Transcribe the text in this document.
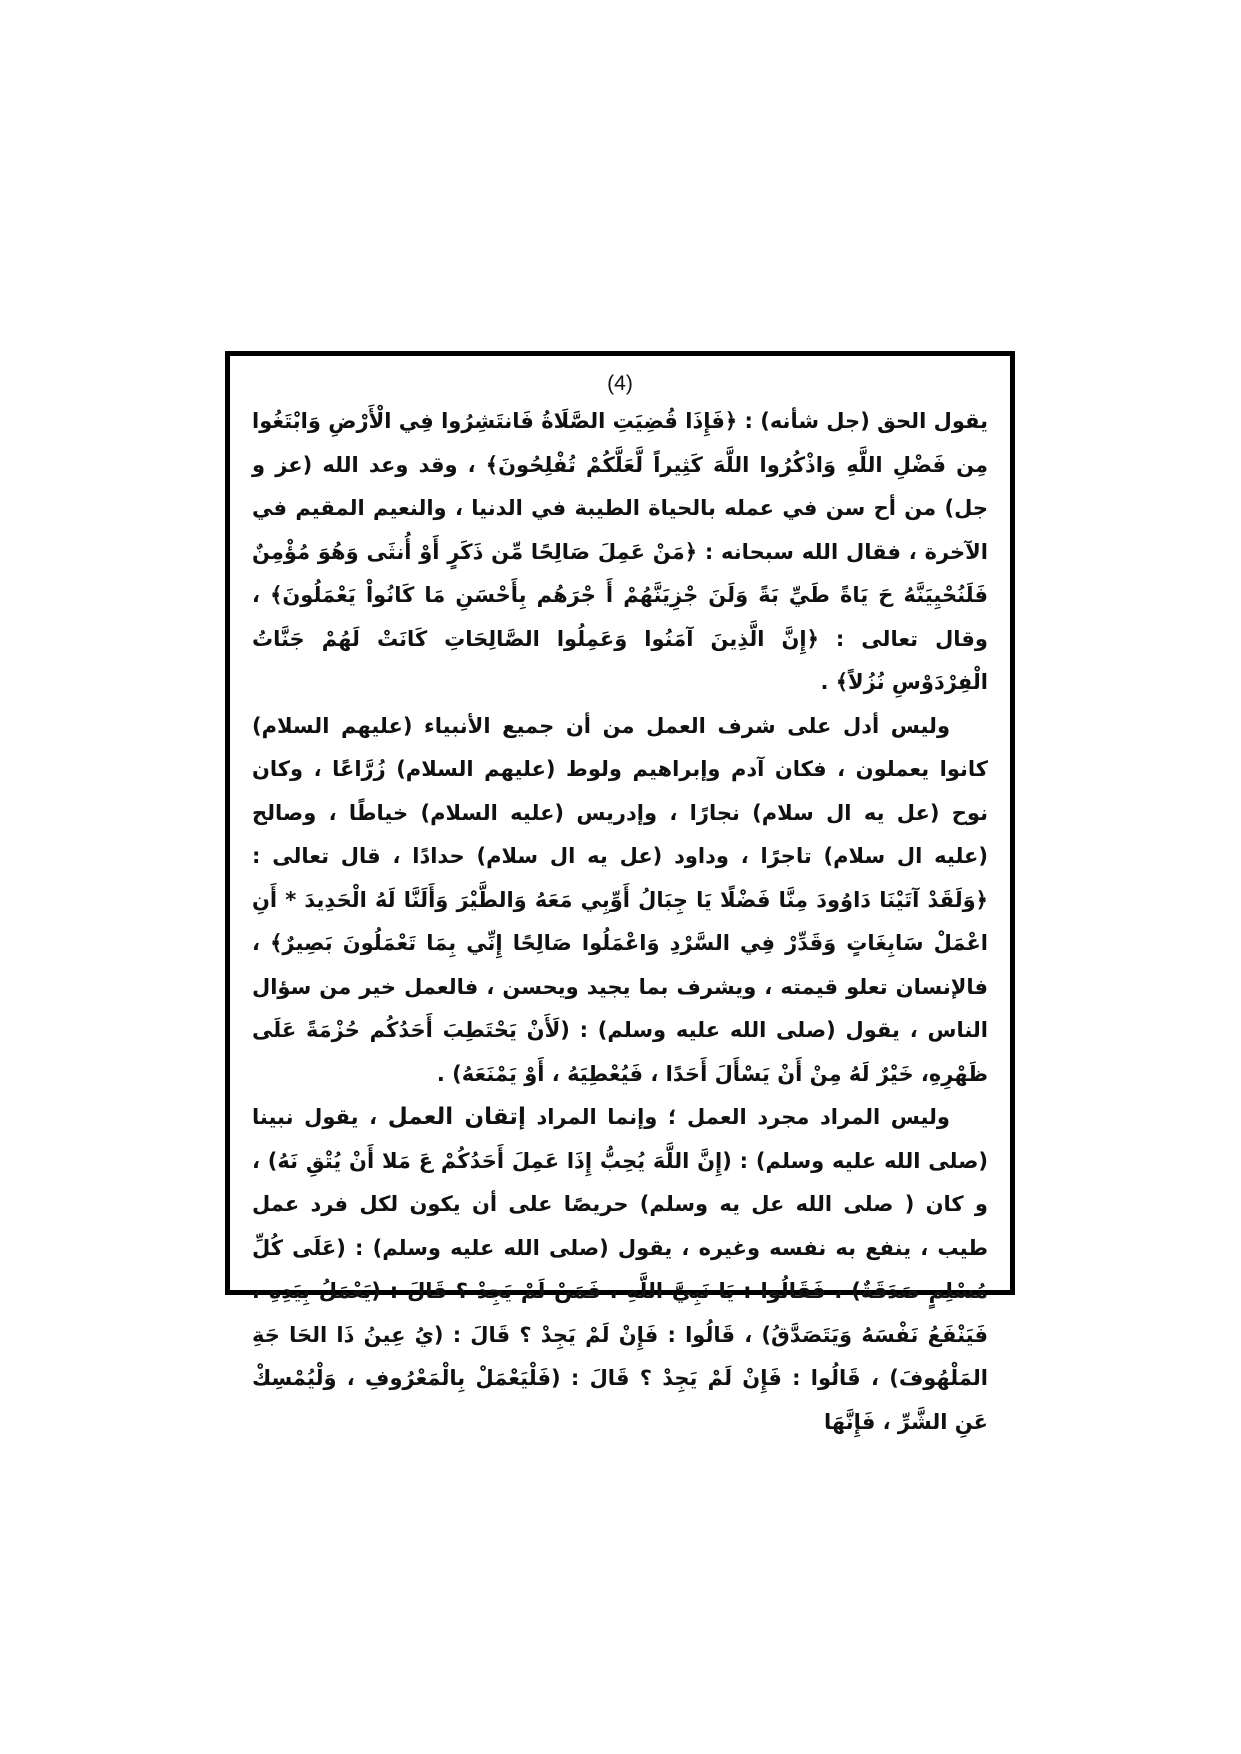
(4)

يقول الحق (جل شأنه) : ﴿فَإِذَا قُضِيَتِ الصَّلَاةُ فَانتَشِرُوا فِي الْأَرْضِ وَابْتَغُوا مِن فَضْلِ اللَّهِ وَاذْكُرُوا اللَّهَ كَثِيراً لَّعَلَّكُمْ تُفْلِحُونَ﴾ ، وقد وعد الله (عز و جل) من أح سن في عمله بالحياة الطيبة في الدنيا ، والنعيم المقيم في الآخرة ، فقال الله سبحانه : ﴿مَنْ عَمِلَ صَالِحًا مِّن ذَكَرٍ أَوْ أُنثَى وَهُوَ مُؤْمِنٌ فَلَنُحْيِيَنَّهُ حَ يَاةً طَيِّ بَةً وَلَنَ جْزِيَنَّهُمْ أَ جْرَهُم بِأَحْسَنِ مَا كَانُواْ يَعْمَلُونَ﴾ ، وقال تعالى : ﴿إِنَّ الَّذِينَ آمَنُوا وَعَمِلُوا الصَّالِحَاتِ كَانَتْ لَهُمْ جَنَّاتُ الْفِرْدَوْسِ نُزُلاً﴾ .

وليس أدل على شرف العمل من أن جميع الأنبياء (عليهم السلام) كانوا يعملون ، فكان آدم وإبراهيم ولوط (عليهم السلام) زُرَّاعًا ، وكان نوح (عل يه ال سلام) نجارًا ، وإدريس (عليه السلام) خياطًا ، وصالح (عليه ال سلام) تاجرًا ، وداود (عل يه ال سلام) حدادًا ، قال تعالى : ﴿وَلَقَدْ آتَيْنَا دَاوُودَ مِنَّا فَضْلًا يَا جِبَالُ أَوِّبِي مَعَهُ وَالطَّيْرَ وَأَلَنَّا لَهُ الْحَدِيدَ * أَنِ اعْمَلْ سَابِغَاتٍ وَقَدِّرْ فِي السَّرْدِ وَاعْمَلُوا صَالِحًا إِنِّي بِمَا تَعْمَلُونَ بَصِيرٌ﴾ ، فالإنسان تعلو قيمته ، ويشرف بما يجيد ويحسن ، فالعمل خير من سؤال الناس ، يقول (صلى الله عليه وسلم) : (لَأَنْ يَحْتَطِبَ أَحَدُكُم حُزْمَةً عَلَى ظَهْرِهِ، خَيْرٌ لَهُ مِنْ أَنْ يَسْأَلَ أَحَدًا ، فَيُعْطِيَهُ ، أَوْ يَمْنَعَهُ) .

وليس المراد مجرد العمل ؛ وإنما المراد إتقان العمل ، يقول نبينا (صلى الله عليه وسلم) : (إِنَّ اللَّهَ يُحِبُّ إِذَا عَمِلَ أَحَدُكُمْ عَ مَلا أَنْ يُتْقِ نَهُ) ، و كان ( صلى الله عل يه وسلم) حريصًا على أن يكون لكل فرد عمل طيب ، ينفع به نفسه وغيره ، يقول (صلى الله عليه وسلم) : (عَلَى كُلِّ مُسْلِمٍ صَدَقَةٌ) ، فَقَالُوا : يَا نَبِيَّ اللَّهِ ، فَمَنْ لَمْ يَجِدْ ؟ قَالَ : (يَعْمَلُ بِيَدِهِ ، فَيَنْفَعُ نَفْسَهُ وَيَتَصَدَّقُ) ، قَالُوا : فَإِنْ لَمْ يَجِدْ ؟ قَالَ : (يُ عِينُ ذَا الحَا جَةِ المَلْهُوفَ) ، قَالُوا : فَإِنْ لَمْ يَجِدْ ؟ قَالَ : (فَلْيَعْمَلْ بِالْمَعْرُوفِ ، وَلْيُمْسِكْ عَنِ الشَّرِّ ، فَإِنَّهَا
